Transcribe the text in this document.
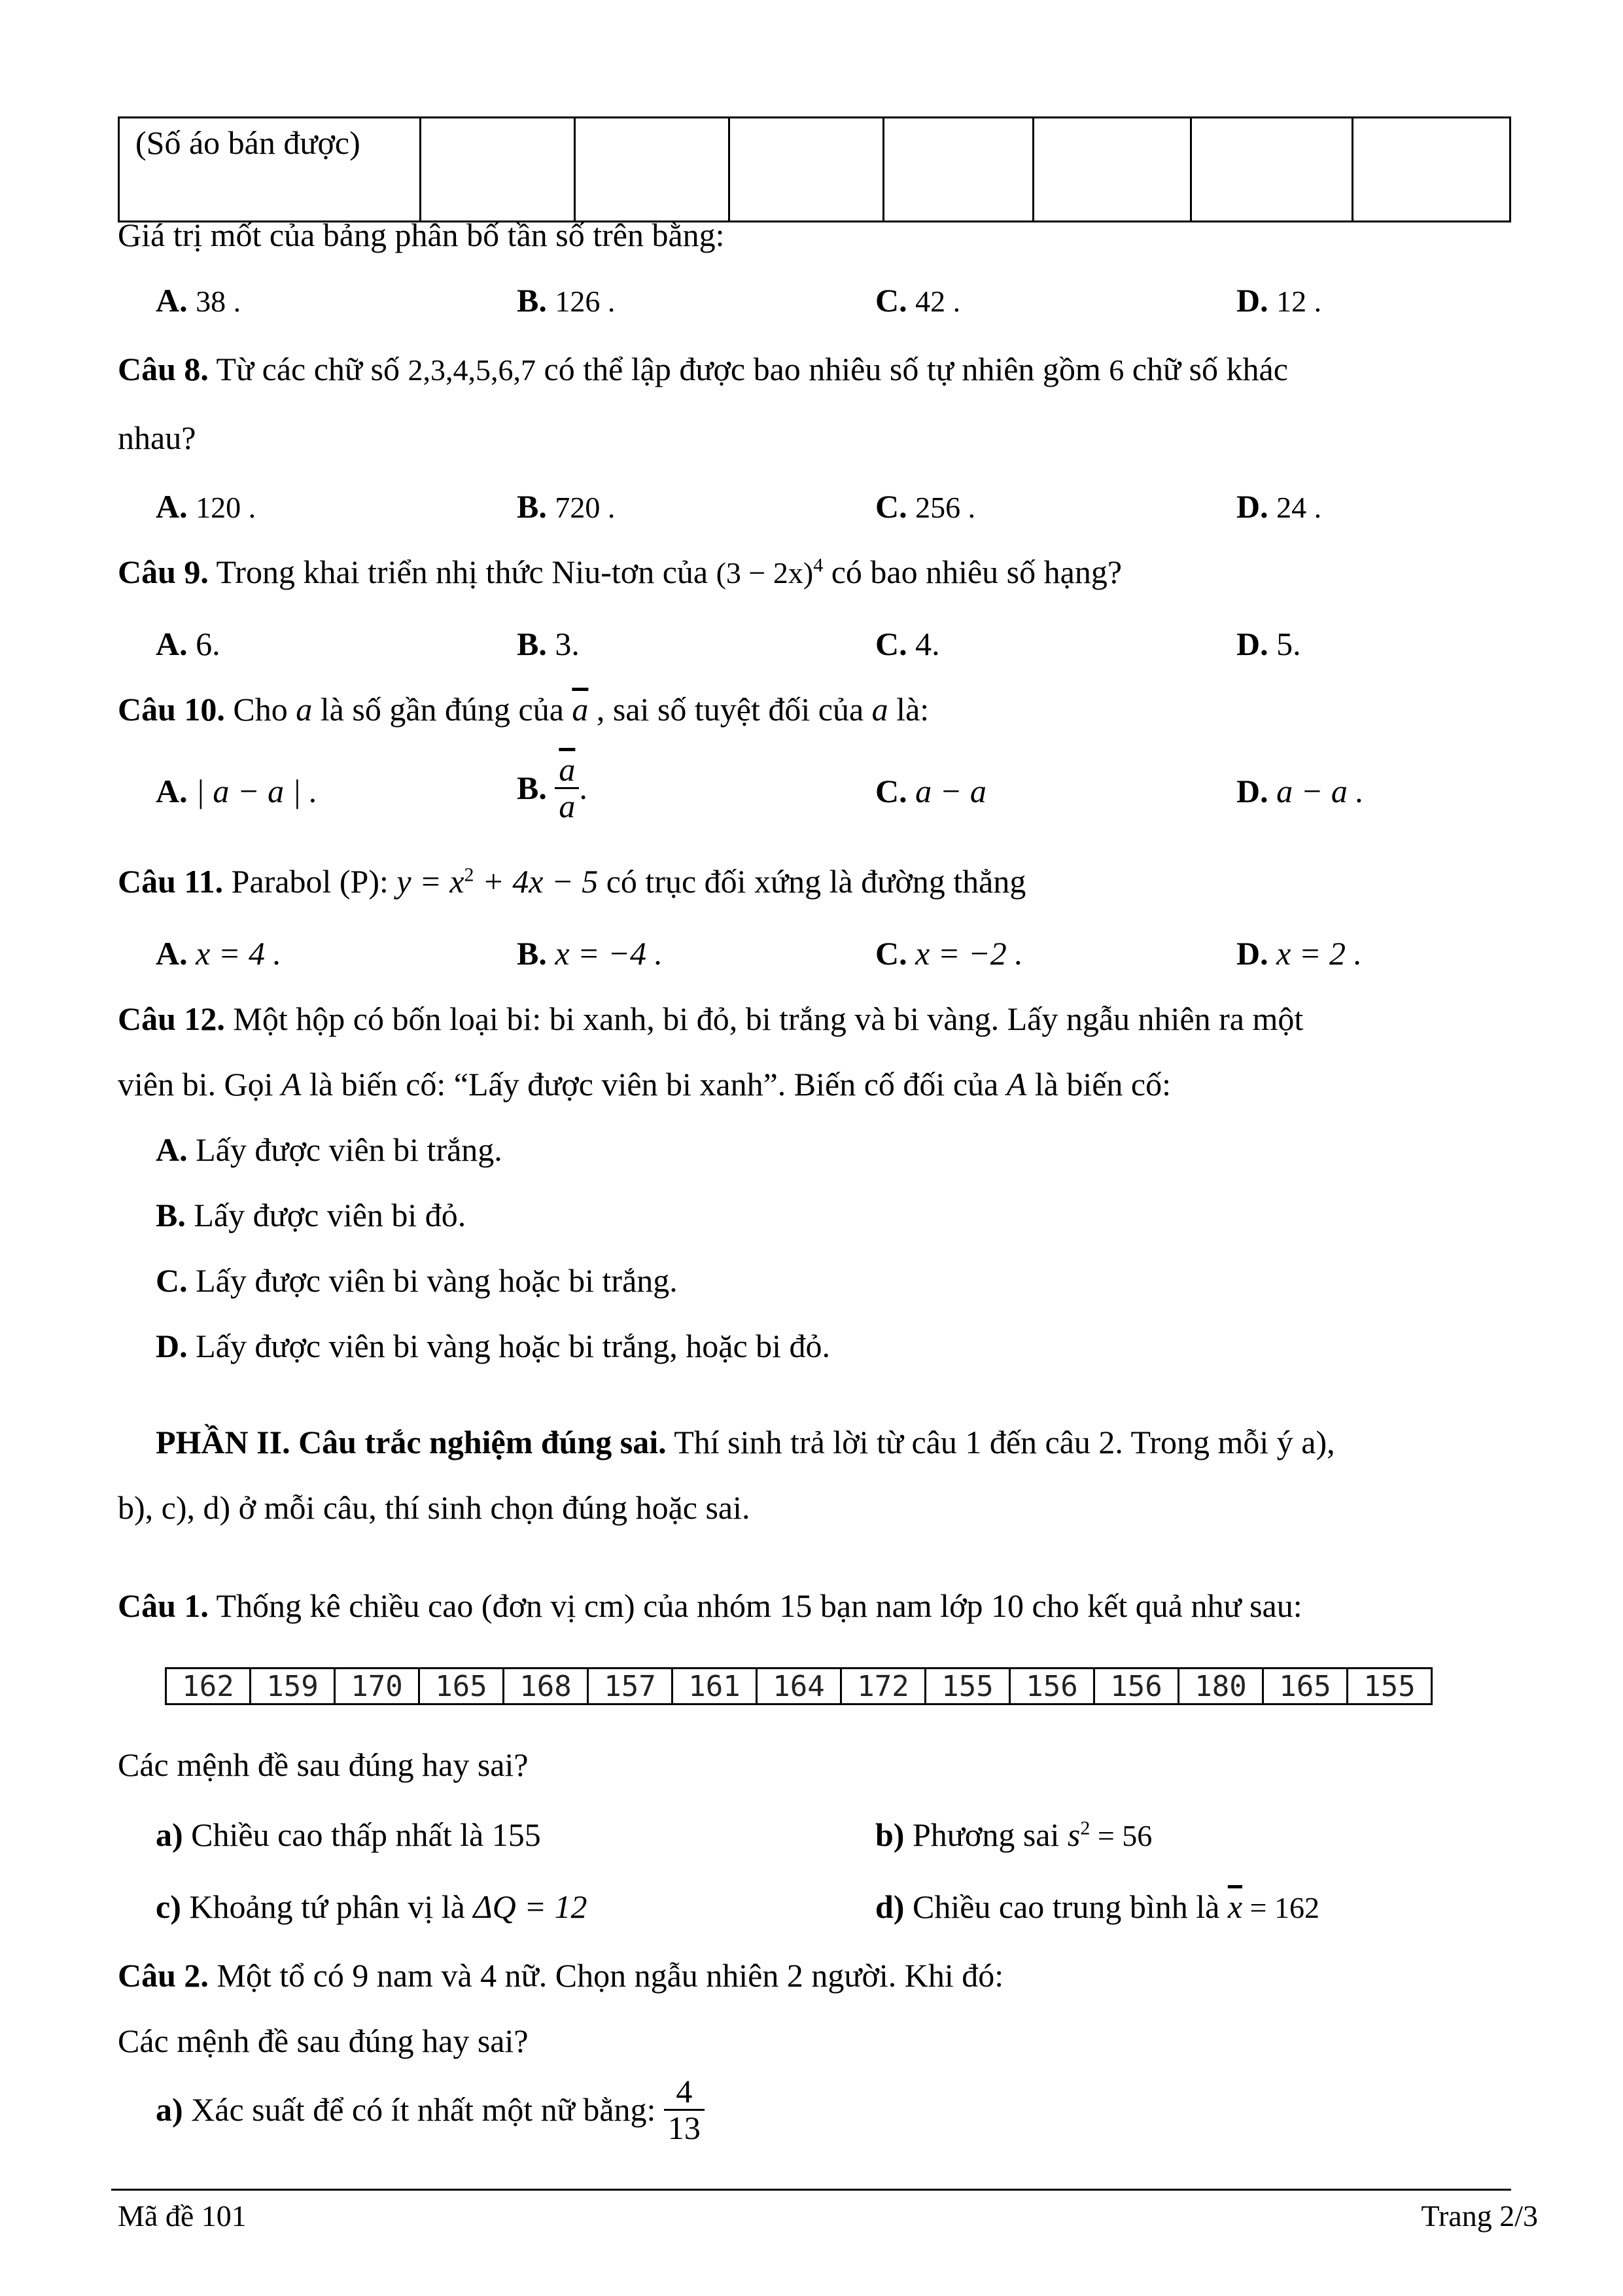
(Số áo bán được)							
Giá trị mốt của bảng phân bố tần số trên bằng:
A. 38 .	B. 126 .	C. 42 .	D. 12 .
Câu 8. Từ các chữ số 2,3,4,5,6,7 có thể lập được bao nhiêu số tự nhiên gồm 6 chữ số khác
nhau?
A. 120 .	B. 720 .	C. 256 .	D. 24 .
Câu 9. Trong khai triển nhị thức Niu-tơn của $(3 - 2x)^4$ có bao nhiêu số hạng?
A. 6.	B. 3.	C. 4.	D. 5.
Câu 10. Cho a là số gần đúng của $\overline{a}$ , sai số tuyệt đối của a là:
A. | a − a | .	B. $\frac{\overline{a}}{a}$ .	C. a − a	D. a − a .
Câu 11. Parabol (P): $y = x^2 + 4x - 5$ có trục đối xứng là đường thẳng
A. x = 4 .	B. x = −4 .	C. x = −2 .	D. x = 2 .
Câu 12. Một hộp có bốn loại bi: bi xanh, bi đỏ, bi trắng và bi vàng. Lấy ngẫu nhiên ra một
viên bi. Gọi A là biến cố: “Lấy được viên bi xanh”. Biến cố đối của A là biến cố:
A. Lấy được viên bi trắng.
B. Lấy được viên bi đỏ.
C. Lấy được viên bi vàng hoặc bi trắng.
D. Lấy được viên bi vàng hoặc bi trắng, hoặc bi đỏ.
PHẦN II. Câu trắc nghiệm đúng sai. Thí sinh trả lời từ câu 1 đến câu 2. Trong mỗi ý a),
b), c), d) ở mỗi câu, thí sinh chọn đúng hoặc sai.
Câu 1. Thống kê chiều cao (đơn vị cm) của nhóm 15 bạn nam lớp 10 cho kết quả như sau:
162	159	170	165	168	157	161	164	172	155	156	156	180	165	155
Các mệnh đề sau đúng hay sai?
a) Chiều cao thấp nhất là 155	b) Phương sai $s^2 = 56$
c) Khoảng tứ phân vị là ΔQ = 12	d) Chiều cao trung bình là $\overline{x} = 162$
Câu 2. Một tổ có 9 nam và 4 nữ. Chọn ngẫu nhiên 2 người. Khi đó:
Các mệnh đề sau đúng hay sai?
a) Xác suất để có ít nhất một nữ bằng: $\frac{4}{13}$
Mã đề 101	Trang 2/3
